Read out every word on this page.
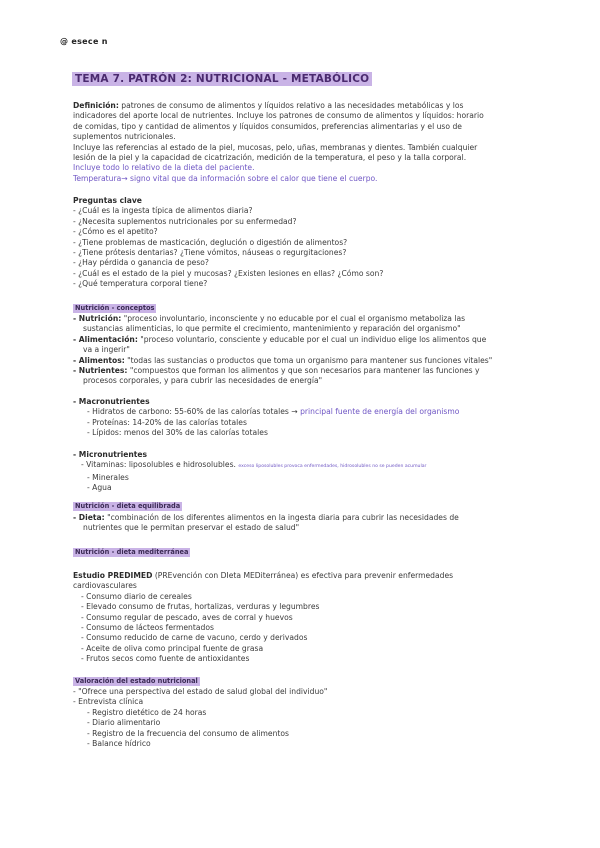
@ esece n
TEMA 7. PATRÓN 2: NUTRICIONAL - METABÓLICO
Definición: patrones de consumo de alimentos y líquidos relativo a las necesidades metabólicas y los
indicadores del aporte local de nutrientes. Incluye los patrones de consumo de alimentos y líquidos: horario
de comidas, tipo y cantidad de alimentos y líquidos consumidos, preferencias alimentarias y el uso de
suplementos nutricionales.
Incluye las referencias al estado de la piel, mucosas, pelo, uñas, membranas y dientes. También cualquier
lesión de la piel y la capacidad de cicatrización, medición de la temperatura, el peso y la talla corporal.
Incluye todo lo relativo de la dieta del paciente.
Temperatura→ signo vital que da información sobre el calor que tiene el cuerpo.
Preguntas clave
- ¿Cuál es la ingesta típica de alimentos diaria?
- ¿Necesita suplementos nutricionales por su enfermedad?
- ¿Cómo es el apetito?
- ¿Tiene problemas de masticación, deglución o digestión de alimentos?
- ¿Tiene prótesis dentarias? ¿Tiene vómitos, náuseas o regurgitaciones?
- ¿Hay pérdida o ganancia de peso?
- ¿Cuál es el estado de la piel y mucosas? ¿Existen lesiones en ellas? ¿Cómo son?
- ¿Qué temperatura corporal tiene?
Nutrición - conceptos
- Nutrición: "proceso involuntario, inconsciente y no educable por el cual el organismo metaboliza las
sustancias alimenticias, lo que permite el crecimiento, mantenimiento y reparación del organismo"
- Alimentación: "proceso voluntario, consciente y educable por el cual un individuo elige los alimentos que
va a ingerir"
- Alimentos: "todas las sustancias o productos que toma un organismo para mantener sus funciones vitales"
- Nutrientes: "compuestos que forman los alimentos y que son necesarios para mantener las funciones y
procesos corporales, y para cubrir las necesidades de energía"
- Macronutrientes
- Hidratos de carbono: 55-60% de las calorías totales → principal fuente de energía del organismo
- Proteínas: 14-20% de las calorías totales
- Lípidos: menos del 30% de las calorías totales
- Micronutrientes
- Vitaminas: liposolubles e hidrosolubles. exceso liposolubles provoca enfermedades, hidrosolubles no se pueden acumular
- Minerales
- Agua
Nutrición - dieta equilibrada
- Dieta: "combinación de los diferentes alimentos en la ingesta diaria para cubrir las necesidades de
nutrientes que le permitan preservar el estado de salud"
Nutrición - dieta mediterránea
Estudio PREDIMED (PREvención con DIeta MEDiterránea) es efectiva para prevenir enfermedades
cardiovasculares
- Consumo diario de cereales
- Elevado consumo de frutas, hortalizas, verduras y legumbres
- Consumo regular de pescado, aves de corral y huevos
- Consumo de lácteos fermentados
- Consumo reducido de carne de vacuno, cerdo y derivados
- Aceite de oliva como principal fuente de grasa
- Frutos secos como fuente de antioxidantes
Valoración del estado nutricional
- "Ofrece una perspectiva del estado de salud global del individuo"
- Entrevista clínica
- Registro dietético de 24 horas
- Diario alimentario
- Registro de la frecuencia del consumo de alimentos
- Balance hídrico
